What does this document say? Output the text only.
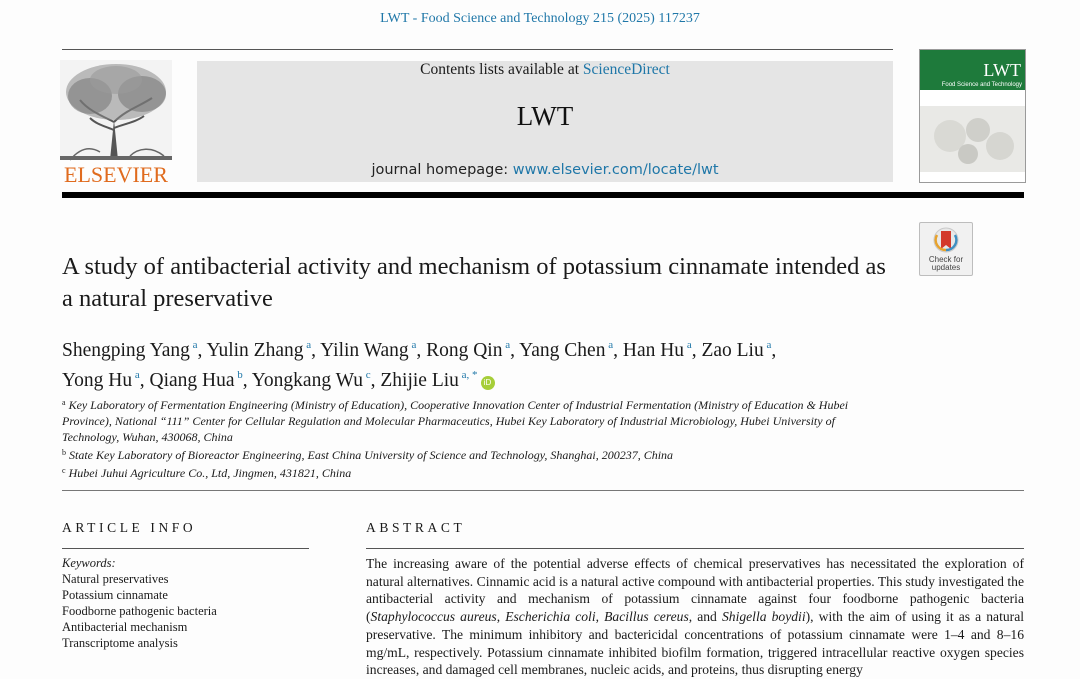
LWT - Food Science and Technology 215 (2025) 117237
ELSEVIER
Contents lists available at ScienceDirect
LWT
journal homepage: www.elsevier.com/locate/lwt
LWT
Food Science and Technology
Check for
updates
A study of antibacterial activity and mechanism of potassium cinnamate intended as a natural preservative
Shengping Yang $^a$, Yulin Zhang $^a$, Yilin Wang $^a$, Rong Qin $^a$, Yang Chen $^a$, Han Hu $^a$, Zao Liu $^a$,
Yong Hu $^a$, Qiang Hua $^b$, Yongkang Wu $^c$, Zhijie Liu $^{a, *}$iD
$^a$ Key Laboratory of Fermentation Engineering (Ministry of Education), Cooperative Innovation Center of Industrial Fermentation (Ministry of Education & Hubei Province), National “111” Center for Cellular Regulation and Molecular Pharmaceutics, Hubei Key Laboratory of Industrial Microbiology, Hubei University of Technology, Wuhan, 430068, China
$^b$ State Key Laboratory of Bioreactor Engineering, East China University of Science and Technology, Shanghai, 200237, China
$^c$ Hubei Juhui Agriculture Co., Ltd, Jingmen, 431821, China
ARTICLE INFO	ABSTRACT
Keywords:
Natural preservatives
Potassium cinnamate
Foodborne pathogenic bacteria
Antibacterial mechanism
Transcriptome analysis
The increasing aware of the potential adverse effects of chemical preservatives has necessitated the exploration of natural alternatives. Cinnamic acid is a natural active compound with antibacterial properties. This study investigated the antibacterial activity and mechanism of potassium cinnamate against four foodborne pathogenic bacteria (Staphylococcus aureus, Escherichia coli, Bacillus cereus, and Shigella boydii), with the aim of using it as a natural preservative. The minimum inhibitory and bactericidal concentrations of potassium cinnamate were 1–4 and 8–16 mg/mL, respectively. Potassium cinnamate inhibited biofilm formation, triggered intracellular reactive oxygen species increases, and damaged cell membranes, nucleic acids, and proteins, thus disrupting energy
